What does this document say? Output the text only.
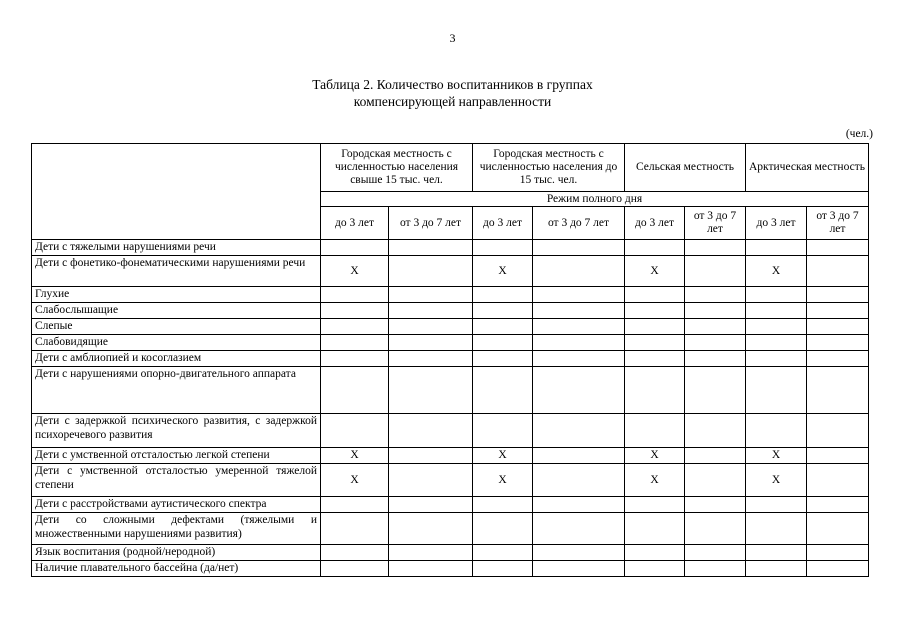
3
Таблица 2. Количество воспитанников в группах
компенсирующей направленности
(чел.)
	Городская местность с численностью населения свыше 15 тыс. чел.		Городская местность с численностью населения до 15 тыс. чел.		Сельская местность		Арктическая местность	
	Режим полного дня							
	до 3 лет	от 3 до 7 лет	до 3 лет	от 3 до 7 лет	до 3 лет	от 3 до 7 лет	до 3 лет	от 3 до 7 лет
Дети с тяжелыми нарушениями речи								
Дети с фонетико-фонематическими нарушениями речи	X		X		X		X	
Глухие								
Слабослышащие								
Слепые								
Слабовидящие								
Дети с амблиопией и косоглазием								
Дети с нарушениями опорно-двигательного аппарата								
Дети с задержкой психического развития, с задержкой психоречевого развития								
Дети с умственной отсталостью легкой степени	X		X		X		X	
Дети с умственной отсталостью умеренной тяжелой степени	X		X		X		X	
Дети с расстройствами аутистического спектра								
Дети со сложными дефектами (тяжелыми и множественными нарушениями развития)								
Язык воспитания (родной/неродной)								
Наличие плавательного бассейна (да/нет)								
